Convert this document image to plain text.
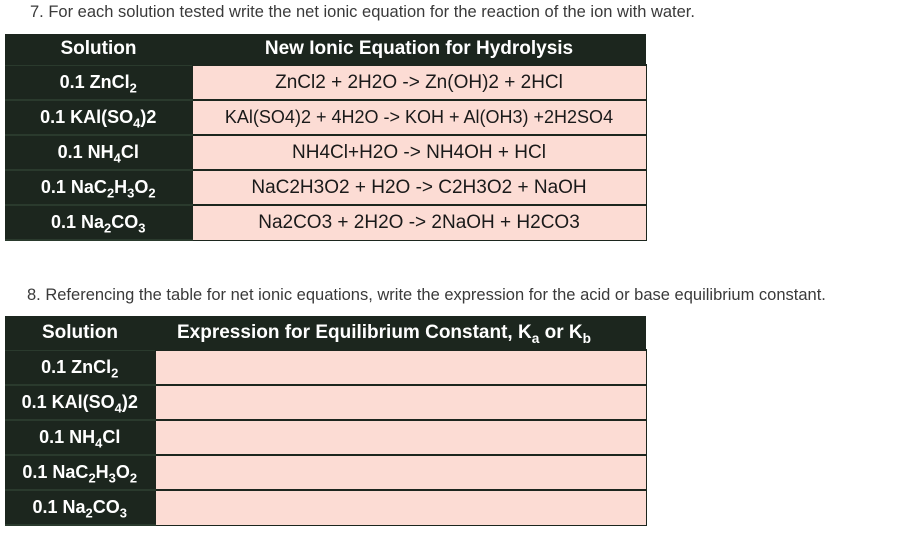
7. For each solution tested write the net ionic equation for the reaction of the ion with water.
Solution	New Ionic Equation for Hydrolysis
0.1 ZnCl$_2$	ZnCl2 + 2H2O -> Zn(OH)2 + 2HCl
0.1 $KAl(SO_4)2$	KAl(SO4)2 + 4H2O -> KOH + Al(OH3) +2H2SO4
0.1 $NH_4Cl$	NH4Cl+H2O -> NH4OH + HCl
0.1 $NaC_2H_3O_2$	NaC2H3O2 + H2O -> C2H3O2 + NaOH
0.1 $Na_2CO_3$	Na2CO3 + 2H2O -> 2NaOH + H2CO3
8. Referencing the table for net ionic equations, write the expression for the acid or base equilibrium constant.
Solution	Expression for Equilibrium Constant, $K_a$ or $K_b$
0.1 ZnCl$_2$	
0.1 $KAl(SO_4)2$	
0.1 $NH_4Cl$	
0.1 $NaC_2H_3O_2$	
0.1 $Na_2CO_3$	
